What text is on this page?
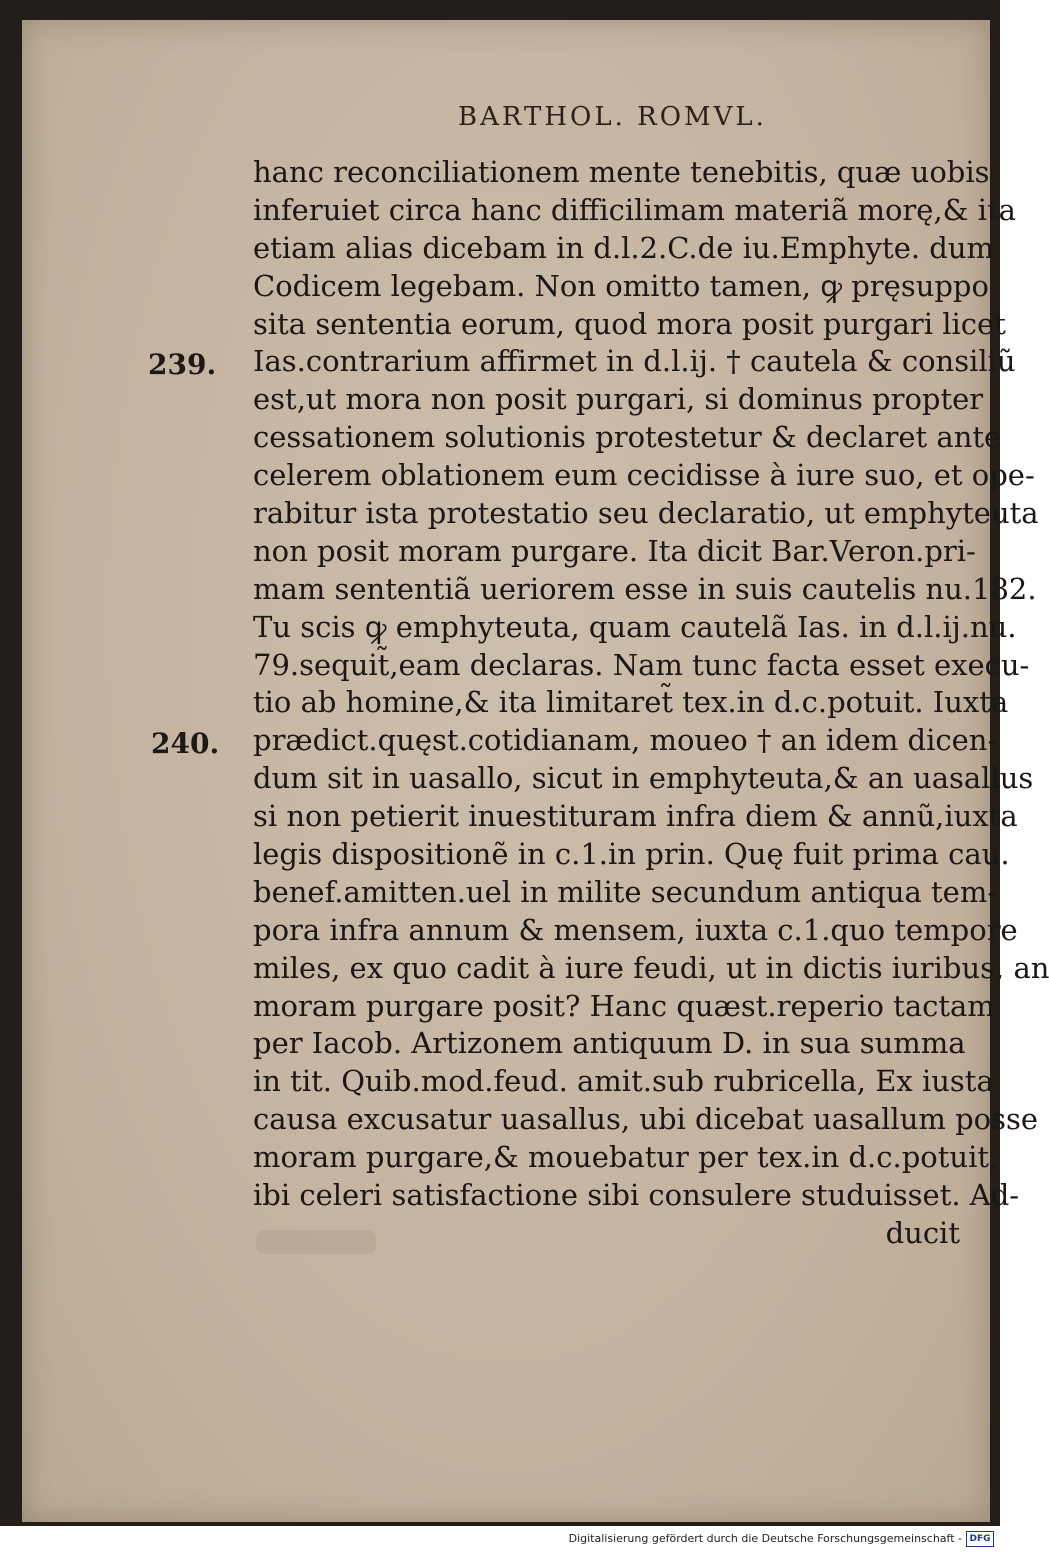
BARTHOL. ROMVL.
239.
240.
hanc reconciliationem mente tenebitis, quæ uobis
inferuiet circa hanc difficilimam materiã morę,& ita
etiam alias dicebam in d.l.2.C.de iu.Emphyte. dum
Codicem legebam. Non omitto tamen, ꝙ pręsuppo
sita sententia eorum, quod mora posit purgari licet
Ias.contrarium affirmet in d.l.ij. † cautela & consiliũ
est,ut mora non posit purgari, si dominus propter
cessationem solutionis protestetur & declaret ante
celerem oblationem eum cecidisse à iure suo, et ope-
rabitur ista protestatio seu declaratio, ut emphyteuta
non posit moram purgare. Ita dicit Bar.Veron.pri-
mam sententiã ueriorem esse in suis cautelis nu.182.
Tu scis ꝙ emphyteuta, quam cautelã Ias. in d.l.ij.nu.
79.sequit̃,eam declaras. Nam tunc facta esset execu-
tio ab homine,& ita limitaret̃ tex.in d.c.potuit. Iuxta
prædict.quęst.cotidianam, moueo † an idem dicen-
dum sit in uasallo, sicut in emphyteuta,& an uasallus
si non petierit inuestituram infra diem & annũ,iuxta
legis dispositionẽ in c.1.in prin. Quę fuit prima cau.
benef.amitten.uel in milite secundum antiqua tem-
pora infra annum & mensem, iuxta c.1.quo tempore
miles, ex quo cadit à iure feudi, ut in dictis iuribus, an
moram purgare posit? Hanc quæst.reperio tactam
per Iacob. Artizonem antiquum D. in sua summa
in tit. Quib.mod.feud. amit.sub rubricella, Ex iusta
causa excusatur uasallus, ubi dicebat uasallum posse
moram purgare,& mouebatur per tex.in d.c.potuit,
ibi celeri satisfactione sibi consulere studuisset. Ad-
ducit
Digitalisierung gefördert durch die Deutsche Forschungsgemeinschaft - DFG
